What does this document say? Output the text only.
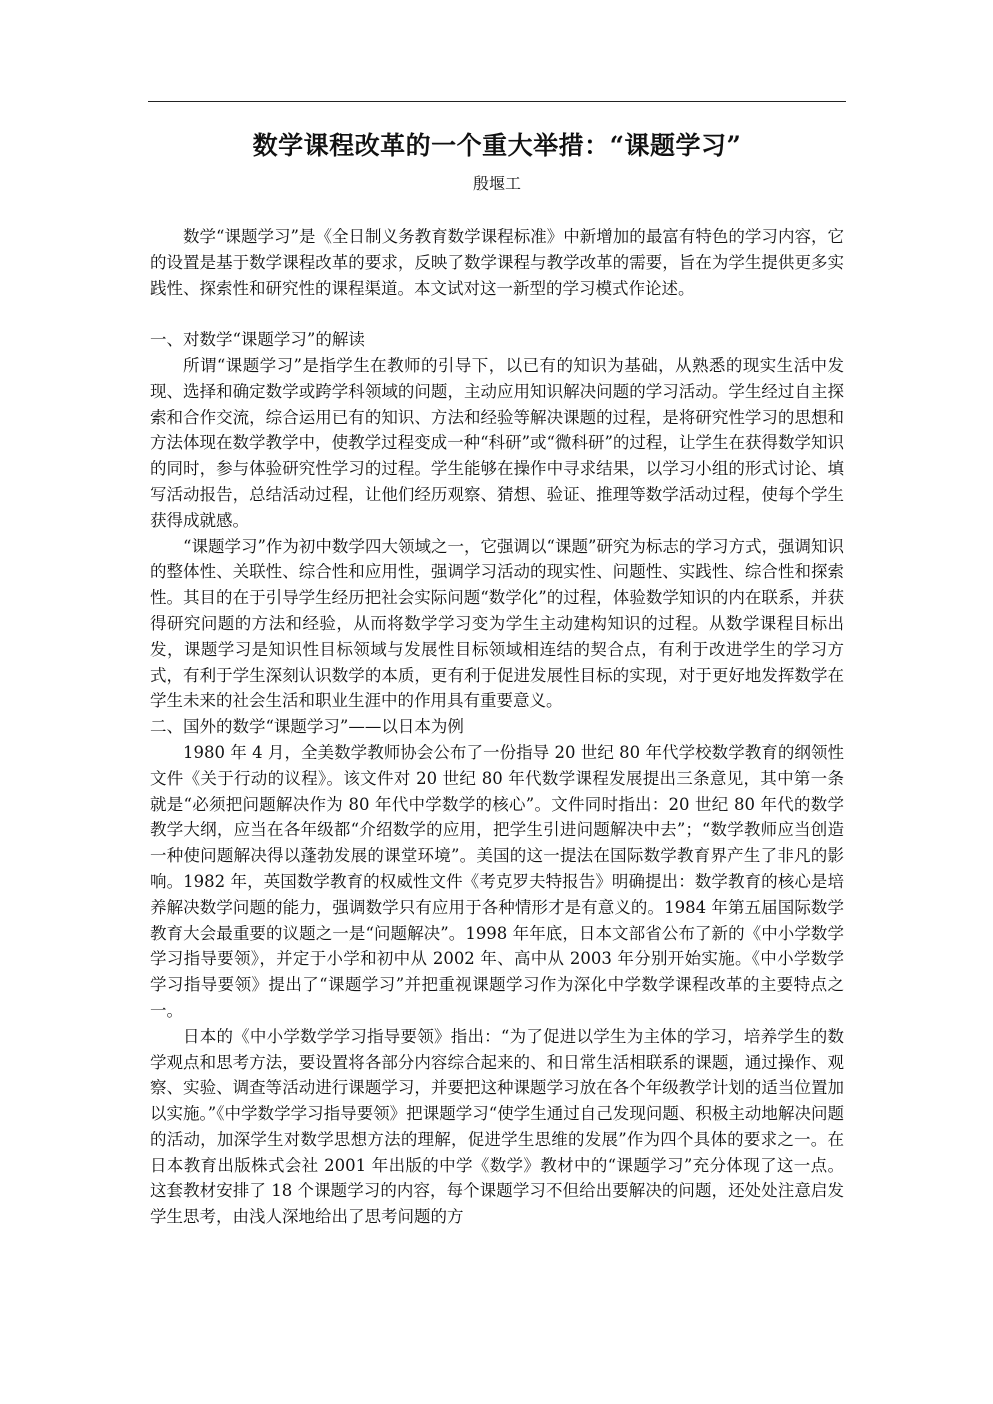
数学课程改革的一个重大举措：“课题学习”
殷堰工

数学“课题学习”是《全日制义务教育数学课程标准》中新增加的最富有特色的学习内容，它的设置是基于数学课程改革的要求，反映了数学课程与教学改革的需要，旨在为学生提供更多实践性、探索性和研究性的课程渠道。本文试对这一新型的学习模式作论述。

一、对数学“课题学习”的解读

所谓“课题学习”是指学生在教师的引导下，以已有的知识为基础，从熟悉的现实生活中发现、选择和确定数学或跨学科领域的问题，主动应用知识解决问题的学习活动。学生经过自主探索和合作交流，综合运用已有的知识、方法和经验等解决课题的过程，是将研究性学习的思想和方法体现在数学教学中，使教学过程变成一种“科研”或“微科研”的过程，让学生在获得数学知识的同时，参与体验研究性学习的过程。学生能够在操作中寻求结果，以学习小组的形式讨论、填写活动报告，总结活动过程，让他们经历观察、猜想、验证、推理等数学活动过程，使每个学生获得成就感。

“课题学习”作为初中数学四大领域之一，它强调以“课题”研究为标志的学习方式，强调知识的整体性、关联性、综合性和应用性，强调学习活动的现实性、问题性、实践性、综合性和探索性。其目的在于引导学生经历把社会实际问题“数学化”的过程，体验数学知识的内在联系，并获得研究问题的方法和经验，从而将数学学习变为学生主动建构知识的过程。从数学课程目标出发，课题学习是知识性目标领域与发展性目标领域相连结的契合点，有利于改进学生的学习方式，有利于学生深刻认识数学的本质，更有利于促进发展性目标的实现，对于更好地发挥数学在学生未来的社会生活和职业生涯中的作用具有重要意义。

二、国外的数学“课题学习”——以日本为例

1980 年 4 月，全美数学教师协会公布了一份指导 20 世纪 80 年代学校数学教育的纲领性文件《关于行动的议程》。该文件对 20 世纪 80 年代数学课程发展提出三条意见，其中第一条就是“必须把问题解决作为 80 年代中学数学的核心”。文件同时指出：20 世纪 80 年代的数学教学大纲，应当在各年级都“介绍数学的应用，把学生引进问题解决中去”；“数学教师应当创造一种使问题解决得以蓬勃发展的课堂环境”。美国的这一提法在国际数学教育界产生了非凡的影响。1982 年，英国数学教育的权威性文件《考克罗夫特报告》明确提出：数学教育的核心是培养解决数学问题的能力，强调数学只有应用于各种情形才是有意义的。1984 年第五届国际数学教育大会最重要的议题之一是“问题解决”。1998 年年底，日本文部省公布了新的《中小学数学学习指导要领》，并定于小学和初中从 2002 年、高中从 2003 年分别开始实施。《中小学数学学习指导要领》提出了“课题学习”并把重视课题学习作为深化中学数学课程改革的主要特点之一。

日本的《中小学数学学习指导要领》指出：“为了促进以学生为主体的学习，培养学生的数学观点和思考方法，要设置将各部分内容综合起来的、和日常生活相联系的课题，通过操作、观察、实验、调查等活动进行课题学习，并要把这种课题学习放在各个年级教学计划的适当位置加以实施。”《中学数学学习指导要领》把课题学习“使学生通过自己发现问题、积极主动地解决问题的活动，加深学生对数学思想方法的理解，促进学生思维的发展”作为四个具体的要求之一。在日本教育出版株式会社 2001 年出版的中学《数学》教材中的“课题学习”充分体现了这一点。这套教材安排了 18 个课题学习的内容，每个课题学习不但给出要解决的问题，还处处注意启发学生思考，由浅人深地给出了思考问题的方
